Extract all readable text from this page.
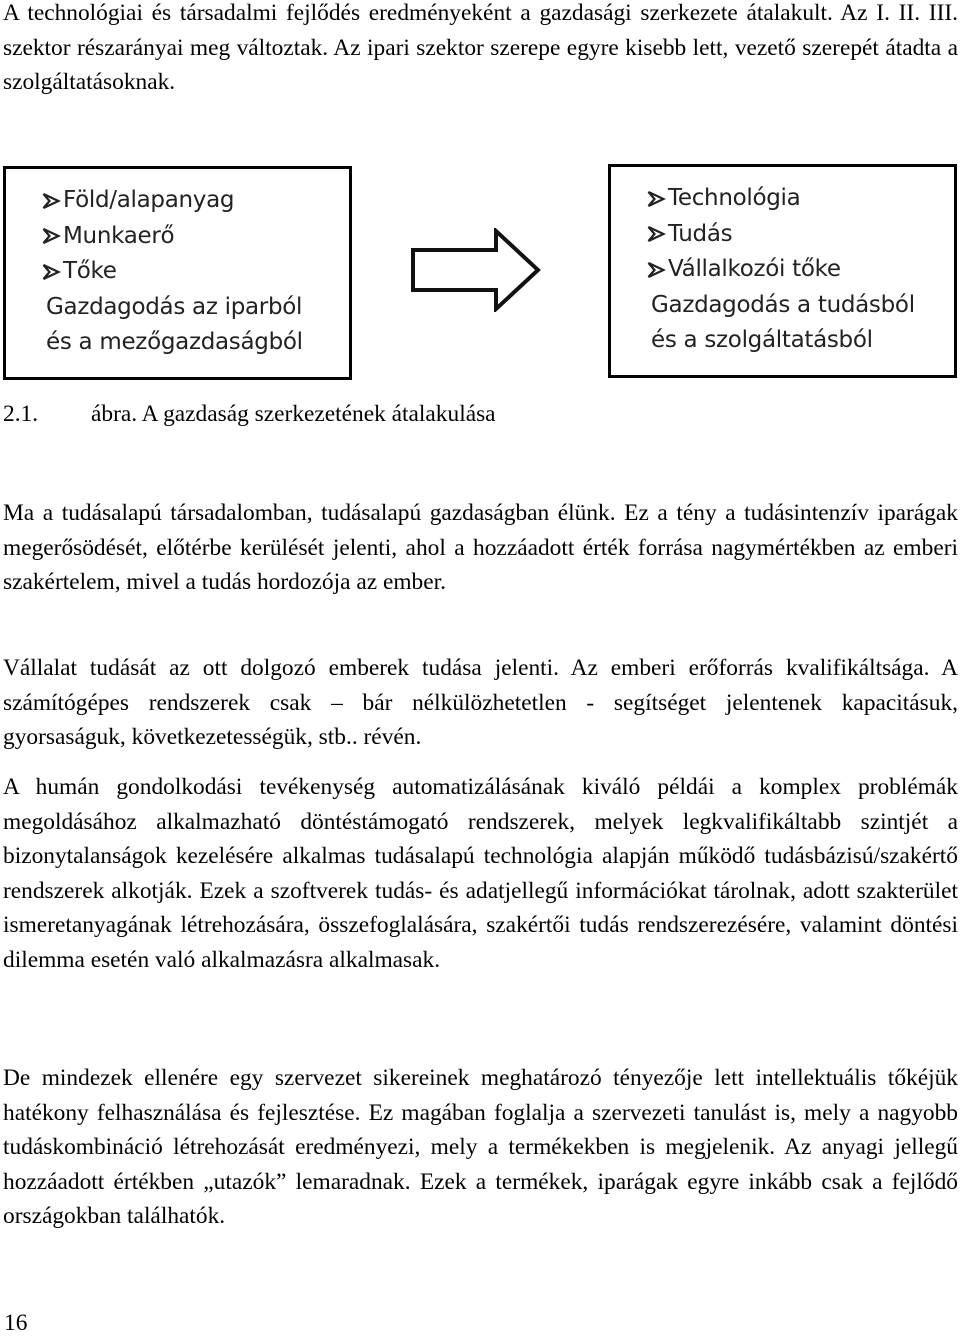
A technológiai és társadalmi fejlődés eredményeként a gazdasági szerkezete átalakult. Az I. II. III. szektor részarányai meg változtak. Az ipari szektor szerepe egyre kisebb lett, vezető szerepét átadta a szolgáltatásoknak.

Föld/alapanyag
Munkaerő
Tőke
Gazdagodás az iparból
és a mezőgazdaságból
Technológia
Tudás
Vállalkozói tőke
Gazdagodás a tudásból
és a szolgáltatásból
2.1. ábra. A gazdaság szerkezetének átalakulása

Ma a tudásalapú társadalomban, tudásalapú gazdaságban élünk. Ez a tény a tudásintenzív iparágak megerősödését, előtérbe kerülését jelenti, ahol a hozzáadott érték forrása nagymértékben az emberi szakértelem, mivel a tudás hordozója az ember.

Vállalat tudását az ott dolgozó emberek tudása jelenti. Az emberi erőforrás kvalifikáltsága. A számítógépes rendszerek csak – bár nélkülözhetetlen - segítséget jelentenek kapacitásuk, gyorsaságuk, következetességük, stb.. révén.

A humán gondolkodási tevékenység automatizálásának kiváló példái a komplex problémák megoldásához alkalmazható döntéstámogató rendszerek, melyek legkvalifikáltabb szintjét a bizonytalanságok kezelésére alkalmas tudásalapú technológia alapján működő tudásbázisú/szakértő rendszerek alkotják. Ezek a szoftverek tudás- és adatjellegű információkat tárolnak, adott szakterület ismeretanyagának létrehozására, összefoglalására, szakértői tudás rendszerezésére, valamint döntési dilemma esetén való alkalmazásra alkalmasak.

De mindezek ellenére egy szervezet sikereinek meghatározó tényezője lett intellektuális tőkéjük hatékony felhasználása és fejlesztése. Ez magában foglalja a szervezeti tanulást is, mely a nagyobb tudáskombináció létrehozását eredményezi, mely a termékekben is megjelenik. Az anyagi jellegű hozzáadott értékben „utazók” lemaradnak. Ezek a termékek, iparágak egyre inkább csak a fejlődő országokban találhatók.

16
